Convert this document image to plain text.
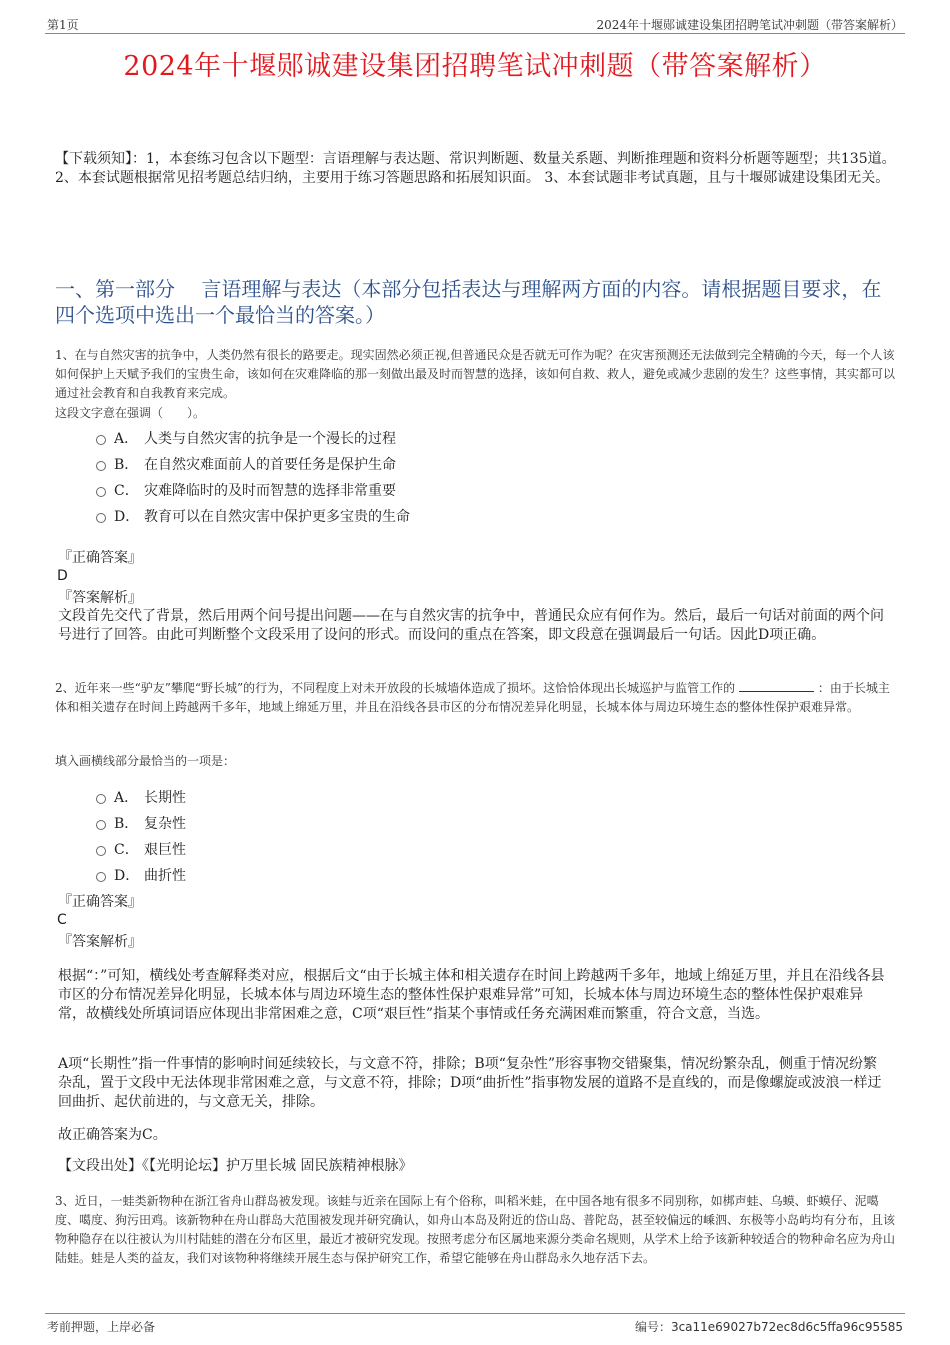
第1页	2024年十堰郧诚建设集团招聘笔试冲刺题（带答案解析）
2024年十堰郧诚建设集团招聘笔试冲刺题（带答案解析）
【下载须知】：1，本套练习包含以下题型：言语理解与表达题、常识判断题、数量关系题、判断推理题和资料分析题等题型；共135道。 2、本套试题根据常见招考题总结归纳，主要用于练习答题思路和拓展知识面。 3、本套试题非考试真题，且与十堰郧诚建设集团无关。
一、第一部分　 言语理解与表达（本部分包括表达与理解两方面的内容。请根据题目要求，在四个选项中选出一个最恰当的答案。）
1、在与自然灾害的抗争中，人类仍然有很长的路要走。现实固然必须正视,但普通民众是否就无可作为呢？在灾害预测还无法做到完全精确的今天，每一个人该如何保护上天赋予我们的宝贵生命，该如何在灾难降临的那一刻做出最及时而智慧的选择，该如何自救、救人，避免或减少悲剧的发生？这些事情，其实都可以通过社会教育和自我教育来完成。
这段文字意在强调（　　）。
A． 人类与自然灾害的抗争是一个漫长的过程
B． 在自然灾难面前人的首要任务是保护生命
C． 灾难降临时的及时而智慧的选择非常重要
D． 教育可以在自然灾害中保护更多宝贵的生命
『正确答案』
D
『答案解析』
文段首先交代了背景，然后用两个问号提出问题——在与自然灾害的抗争中，普通民众应有何作为。然后，最后一句话对前面的两个问号进行了回答。由此可判断整个文段采用了设问的形式。而设问的重点在答案，即文段意在强调最后一句话。因此D项正确。
2、近年来一些“驴友”攀爬“野长城”的行为，不同程度上对未开放段的长城墙体造成了损坏。这恰恰体现出长城巡护与监管工作的	：由于长城主体和相关遗存在时间上跨越两千多年，地域上绵延万里，并且在沿线各县市区的分布情况差异化明显，长城本体与周边环境生态的整体性保护艰难异常。
填入画横线部分最恰当的一项是：
A． 长期性
B． 复杂性
C． 艰巨性
D． 曲折性
『正确答案』
C
『答案解析』
根据“：”可知，横线处考查解释类对应，根据后文“由于长城主体和相关遗存在时间上跨越两千多年，地域上绵延万里，并且在沿线各县市区的分布情况差异化明显，长城本体与周边环境生态的整体性保护艰难异常”可知，长城本体与周边环境生态的整体性保护艰难异常，故横线处所填词语应体现出非常困难之意，C项“艰巨性”指某个事情或任务充满困难而繁重，符合文意，当选。
A项“长期性”指一件事情的影响时间延续较长，与文意不符，排除；B项“复杂性”形容事物交错聚集，情况纷繁杂乱，侧重于情况纷繁杂乱，置于文段中无法体现非常困难之意，与文意不符，排除；D项“曲折性”指事物发展的道路不是直线的，而是像螺旋或波浪一样迂回曲折、起伏前进的，与文意无关，排除。
故正确答案为C。
【文段出处】《【光明论坛】护万里长城 固民族精神根脉》
3、近日，一蛙类新物种在浙江省舟山群岛被发现。该蛙与近亲在国际上有个俗称，叫稻米蛙，在中国各地有很多不同别称，如梆声蛙、乌蟆、虾蟆仔、泥噶度、噶度、狗污田鸡。该新物种在舟山群岛大范围被发现并研究确认，如舟山本岛及附近的岱山岛、普陀岛，甚至较偏远的嵊泗、东极等小岛屿均有分布，且该物种隐存在以往被认为川村陆蛙的潜在分布区里，最近才被研究发现。按照考虑分布区属地来源分类命名规则，从学术上给予该新种较适合的物种命名应为舟山陆蛙。蛙是人类的益友，我们对该物种将继续开展生态与保护研究工作，希望它能够在舟山群岛永久地存活下去。
考前押题，上岸必备	编号：3ca11e69027b72ec8d6c5ffa96c95585
